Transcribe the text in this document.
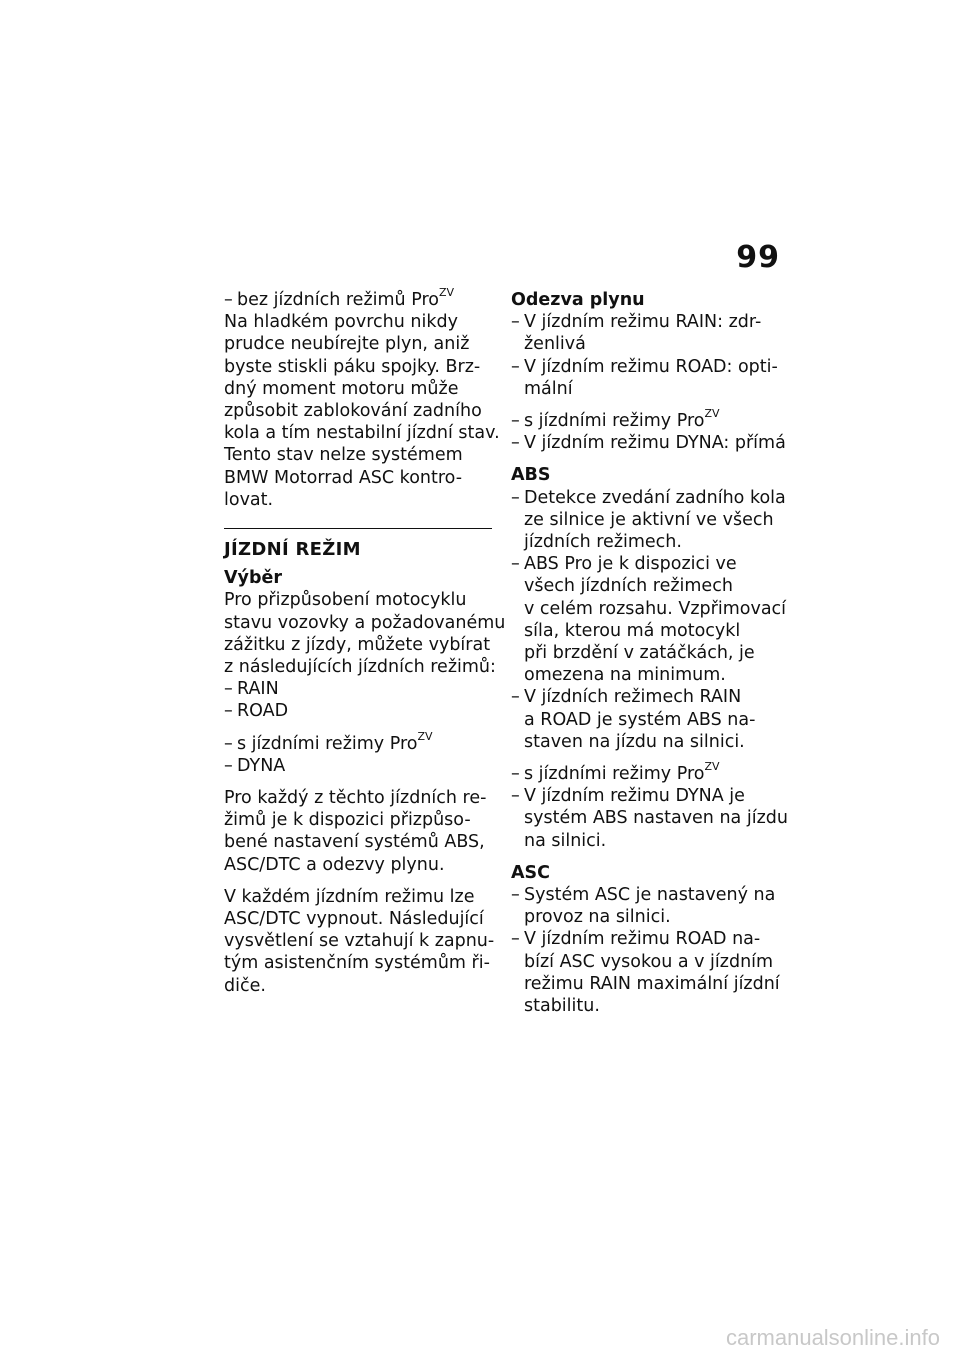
99
– bez jízdních režimů Pro$^{ZV}$
Na hladkém povrchu nikdy
prudce neubírejte plyn, aniž
byste stiskli páku spojky. Brz-
dný moment motoru může
způsobit zablokování zadního
kola a tím nestabilní jízdní stav.
Tento stav nelze systémem
BMW Motorrad ASC kontro-
lovat.
JÍZDNÍ REŽIM
Výběr
Pro přizpůsobení motocyklu
stavu vozovky a požadovanému
zážitku z jízdy, můžete vybírat
z následujících jízdních režimů:
– RAIN
– ROAD
– s jízdními režimy Pro$^{ZV}$
– DYNA
Pro každý z těchto jízdních re-
žimů je k dispozici přizpůso-
bené nastavení systémů ABS,
ASC/DTC a odezvy plynu.
V každém jízdním režimu lze
ASC/DTC vypnout. Následující
vysvětlení se vztahují k zapnu-
tým asistenčním systémům ři-
diče.
Odezva plynu
– V jízdním režimu RAIN: zdr-
ženlivá
– V jízdním režimu ROAD: opti-
mální
– s jízdními režimy Pro$^{ZV}$
– V jízdním režimu DYNA: přímá
ABS
– Detekce zvedání zadního kola
ze silnice je aktivní ve všech
jízdních režimech.
– ABS Pro je k dispozici ve
všech jízdních režimech
v celém rozsahu. Vzpřimovací
síla, kterou má motocykl
při brzdění v zatáčkách, je
omezena na minimum.
– V jízdních režimech RAIN
a ROAD je systém ABS na-
staven na jízdu na silnici.
– s jízdními režimy Pro$^{ZV}$
– V jízdním režimu DYNA je
systém ABS nastaven na jízdu
na silnici.
ASC
– Systém ASC je nastavený na
provoz na silnici.
– V jízdním režimu ROAD na-
bízí ASC vysokou a v jízdním
režimu RAIN maximální jízdní
stabilitu.
carmanualsonline.info
